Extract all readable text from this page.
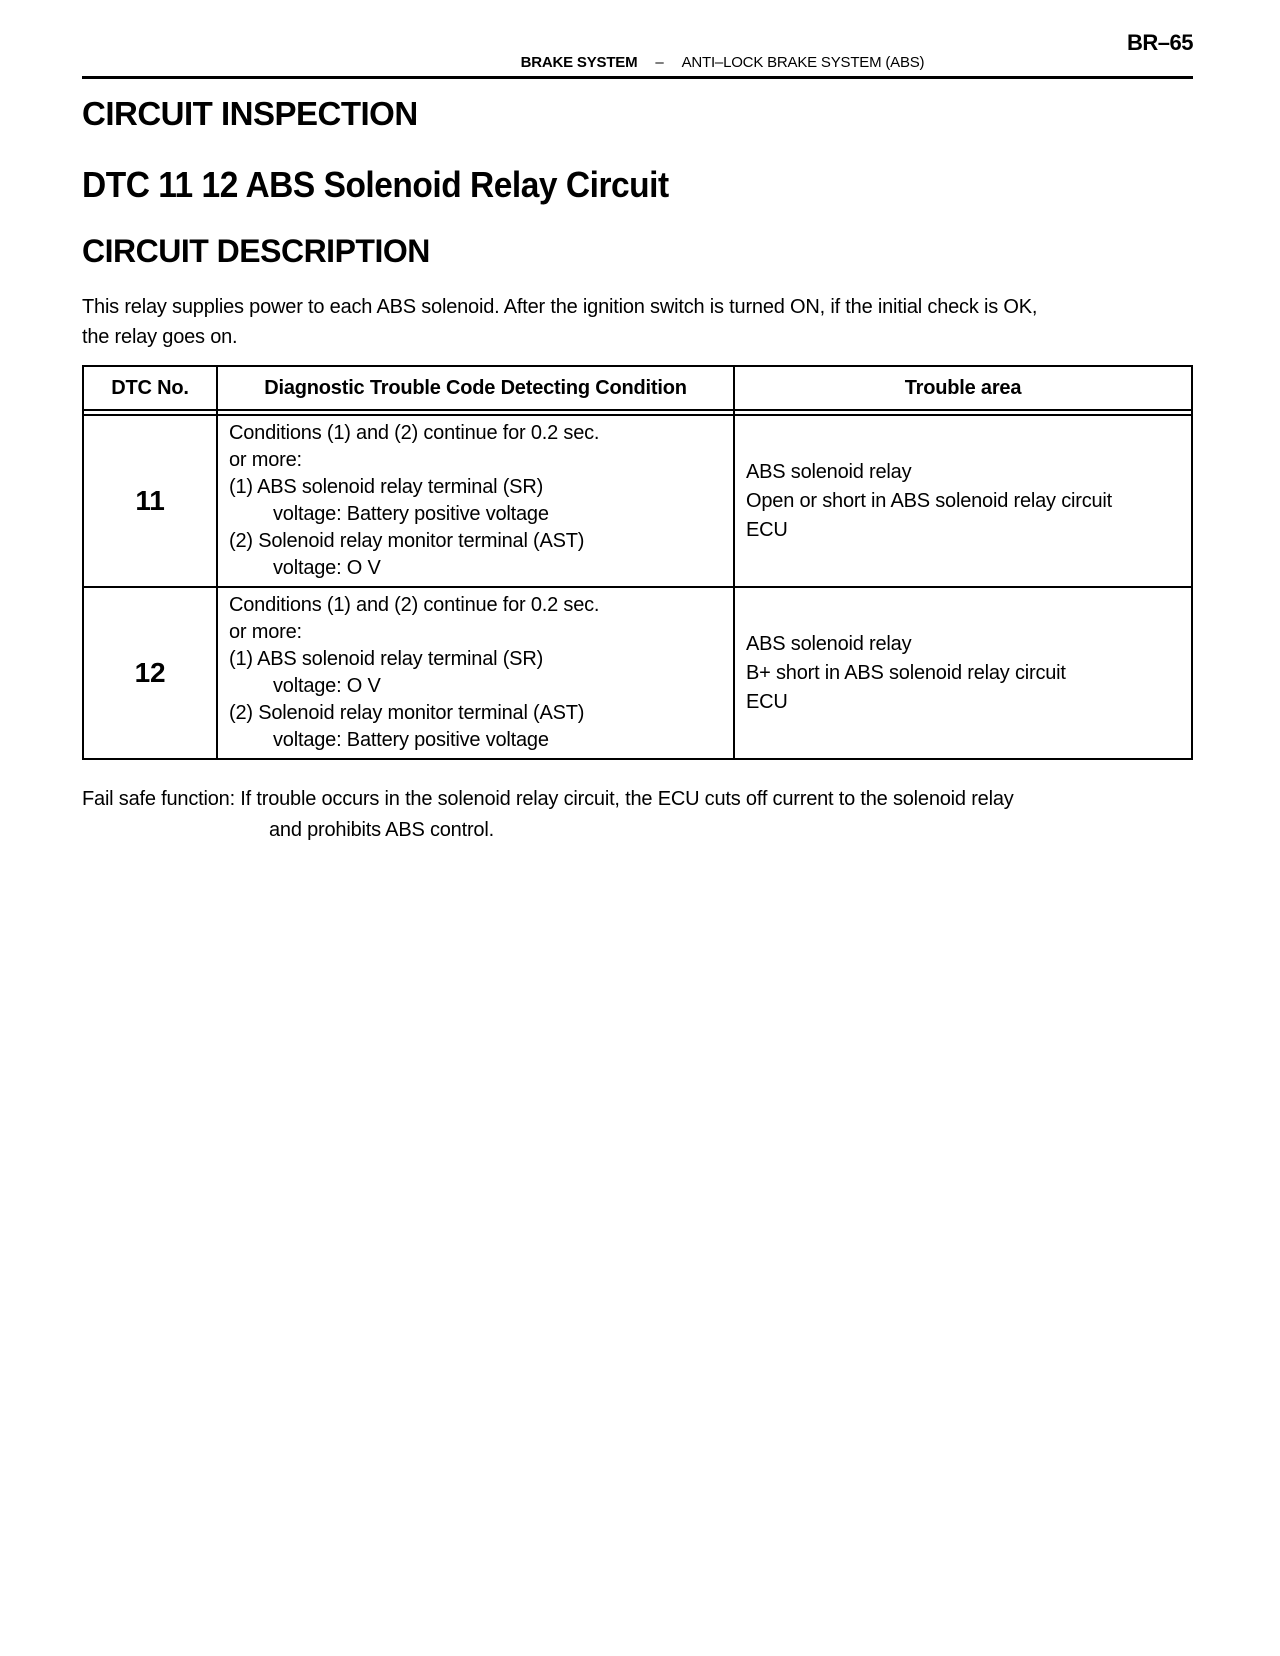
BR–65
BRAKE SYSTEM – ANTI–LOCK BRAKE SYSTEM (ABS)
CIRCUIT INSPECTION
DTC 11 12 ABS Solenoid Relay Circuit
CIRCUIT DESCRIPTION
This relay supplies power to each ABS solenoid. After the ignition switch is turned ON, if the initial check is OK,
the relay goes on.
DTC No.	Diagnostic Trouble Code Detecting Condition	Trouble area
11
Conditions (1) and (2) continue for 0.2 sec.
or more:
(1) ABS solenoid relay terminal (SR)
voltage: Battery positive voltage
(2) Solenoid relay monitor terminal (AST)
voltage: O V
ABS solenoid relay
Open or short in ABS solenoid relay circuit
ECU
12
Conditions (1) and (2) continue for 0.2 sec.
or more:
(1) ABS solenoid relay terminal (SR)
voltage: O V
(2) Solenoid relay monitor terminal (AST)
voltage: Battery positive voltage
ABS solenoid relay
B+ short in ABS solenoid relay circuit
ECU
Fail safe function: If trouble occurs in the solenoid relay circuit, the ECU cuts off current to the solenoid relay
and prohibits ABS control.
